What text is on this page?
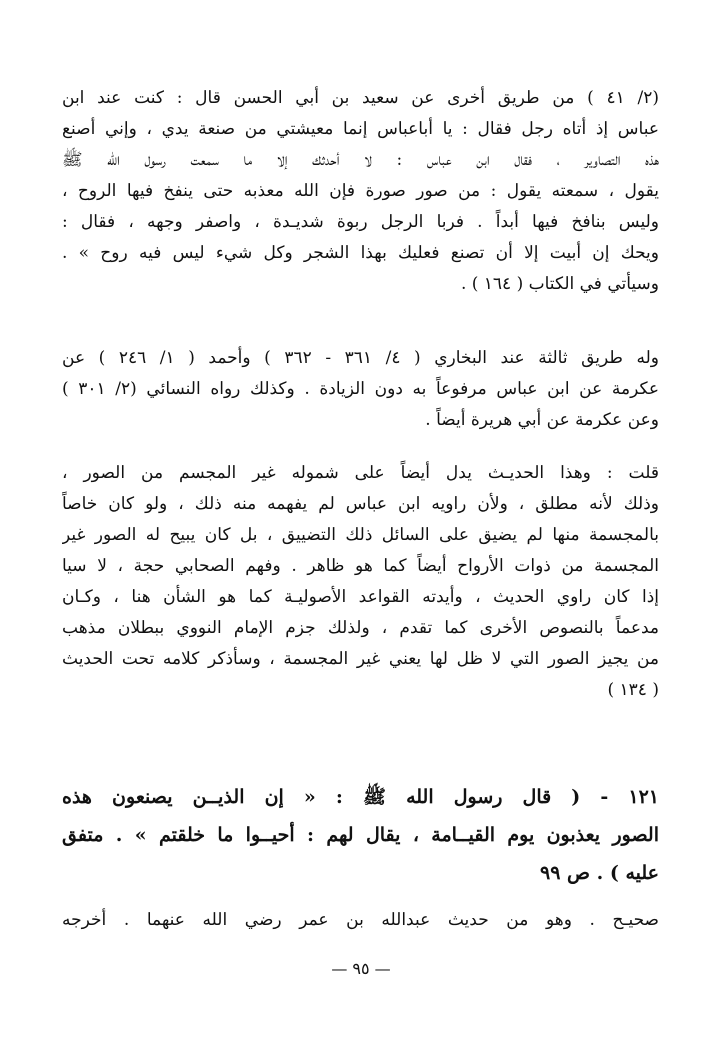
(٢/ ٤١ ) من طريق أخرى عن سعيد بن أبي الحسن قال : كنت عند ابن
عباس إذ أتاه رجل فقال : يا أباعباس إنما معيشتي من صنعة يدي ، وإني أصنع
هذه التصاوير ، فقال ابن عباس : لا أحدثك إلا ما سمعت رسول الله ﷺ
يقول ، سمعته يقول : من صور صورة فإن الله معذبه حتى ينفخ فيها الروح ،
وليس بنافخ فيها أبداً . فربا الرجل ربوة شديـدة ، واصفر وجهه ، فقال :
ويحك إن أبيت إلا أن تصنع فعليك بهذا الشجر وكل شيء ليس فيه روح » .
وسيأتي في الكتاب ( ١٦٤ ) .
وله طريق ثالثة عند البخاري ( ٤/ ٣٦١ - ٣٦٢ ) وأحمد ( ١/ ٢٤٦ ) عن
عكرمة عن ابن عباس مرفوعاً به دون الزيادة . وكذلك رواه النسائي (٢/ ٣٠١ )
وعن عكرمة عن أبي هريرة أيضاً .
قلت : وهذا الحديـث يدل أيضاً على شموله غير المجسم من الصور ،
وذلك لأنه مطلق ، ولأن راويه ابن عباس لم يفهمه منه ذلك ، ولو كان خاصاً
بالمجسمة منها لم يضيق على السائل ذلك التضييق ، بل كان يبيح له الصور غير
المجسمة من ذوات الأرواح أيضاً كما هو ظاهر . وفهم الصحابي حجة ، لا سيا
إذا كان راوي الحديث ، وأيدته القواعد الأصوليـة كما هو الشأن هنا ، وكـان
مدعماً بالنصوص الأخرى كما تقدم ، ولذلك جزم الإمام النووي ببطلان مذهب
من يجيز الصور التي لا ظل لها يعني غير المجسمة ، وسأذكر كلامه تحت الحديث
( ١٣٤ )
١٢١ - ( قال رسول الله ﷺ : « إن الذيــن يصنعون هذه
الصور يعذبون يوم القيــامة ، يقال لهم : أحيــوا ما خلقتم » . متفق
عليه ) . ص ٩٩
صحيـح . وهو من حديث عبدالله بن عمر رضي الله عنهما . أخرجه
— ٩٥ —
